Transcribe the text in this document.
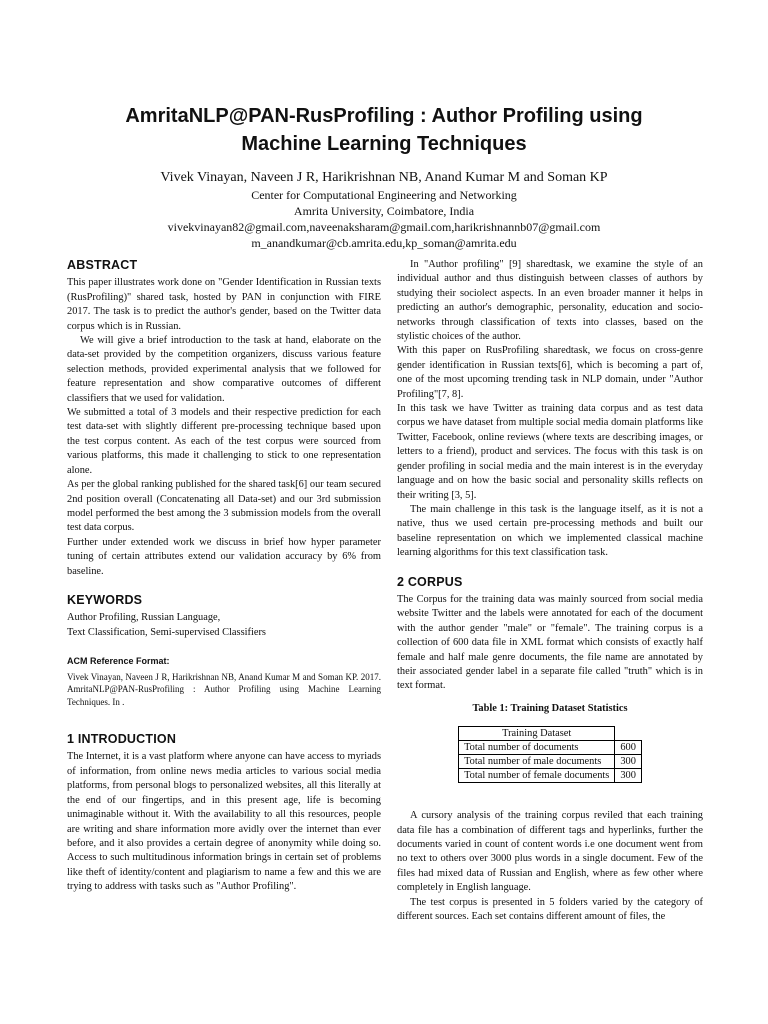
AmritaNLP@PAN-RusProfiling : Author Profiling using
Machine Learning Techniques
Vivek Vinayan, Naveen J R, Harikrishnan NB, Anand Kumar M and Soman KP
Center for Computational Engineering and Networking
Amrita University, Coimbatore, India
vivekvinayan82@gmail.com,naveenaksharam@gmail.com,harikrishnannb07@gmail.com
m_anandkumar@cb.amrita.edu,kp_soman@amrita.edu
ABSTRACT

This paper illustrates work done on "Gender Identification in Russian texts (RusProfiling)" shared task, hosted by PAN in conjunction with FIRE 2017. The task is to predict the author's gender, based on the Twitter data corpus which is in Russian.

We will give a brief introduction to the task at hand, elaborate on the data-set provided by the competition organizers, discuss various feature selection methods, provided experimental analysis that we followed for feature representation and show comparative outcomes of different classifiers that we used for validation.

We submitted a total of 3 models and their respective prediction for each test data-set with slightly different pre-processing technique based upon the test corpus content. As each of the test corpus were sourced from various platforms, this made it challenging to stick to one representation alone.

As per the global ranking published for the shared task[6] our team secured 2nd position overall (Concatenating all Data-set) and our 3rd submission model performed the best among the 3 submission models from the overall test data corpus.

Further under extended work we discuss in brief how hyper parameter tuning of certain attributes extend our validation accuracy by 6% from baseline.

KEYWORDS

Author Profiling, Russian Language,

Text Classification, Semi-supervised Classifiers

ACM Reference Format:

Vivek Vinayan, Naveen J R, Harikrishnan NB, Anand Kumar M and Soman KP. 2017. AmritaNLP@PAN-RusProfiling : Author Profiling using Machine Learning Techniques. In .

1 INTRODUCTION

The Internet, it is a vast platform where anyone can have access to myriads of information, from online news media articles to various social media platforms, from personal blogs to personalized websites, all this literally at the end of our fingertips, and in this present age, life is becoming unimaginable without it. With the availability to all this resources, people are writing and share information more avidly over the internet than ever before, and it also provides a certain degree of anonymity while doing so. Access to such multitudinous information brings in certain set of problems like theft of identity/content and plagiarism to name a few and this we are trying to address with tasks such as "Author Profiling".

In "Author profiling" [9] sharedtask, we examine the style of an individual author and thus distinguish between classes of authors by studying their sociolect aspects. In an even broader manner it helps in predicting an author's demographic, personality, education and socio-networks through classification of texts into classes, based on the stylistic choices of the author.

With this paper on RusProfiling sharedtask, we focus on cross-genre gender identification in Russian texts[6], which is becoming a part of, one of the most upcoming trending task in NLP domain, under "Author Profiling"[7, 8].

In this task we have Twitter as training data corpus and as test data corpus we have dataset from multiple social media domain platforms like Twitter, Facebook, online reviews (where texts are describing images, or letters to a friend), product and services. The focus with this task is on gender profiling in social media and the main interest is in the everyday language and on how the basic social and personality skills reflects on their writing [3, 5].

The main challenge in this task is the language itself, as it is not a native, thus we used certain pre-processing methods and built our baseline representation on which we implemented classical machine learning algorithms for this text classification task.

2 CORPUS

The Corpus for the training data was mainly sourced from social media website Twitter and the labels were annotated for each of the document with the author gender "male" or "female". The training corpus is a collection of 600 data file in XML format which consists of exactly half female and half male genre documents, the file name are annotated by their associated gender label in a separate file called "truth" which is in text format.

Table 1: Training Dataset Statistics
Training Dataset	
Total number of documents	600
Total number of male documents	300
Total number of female documents	300

A cursory analysis of the training corpus reviled that each training data file has a combination of different tags and hyperlinks, further the documents varied in count of content words i.e one document went from no text to others over 3000 plus words in a single document. Few of the files had mixed data of Russian and English, where as few other where completely in English language.

The test corpus is presented in 5 folders varied by the category of different sources. Each set contains different amount of files, the
